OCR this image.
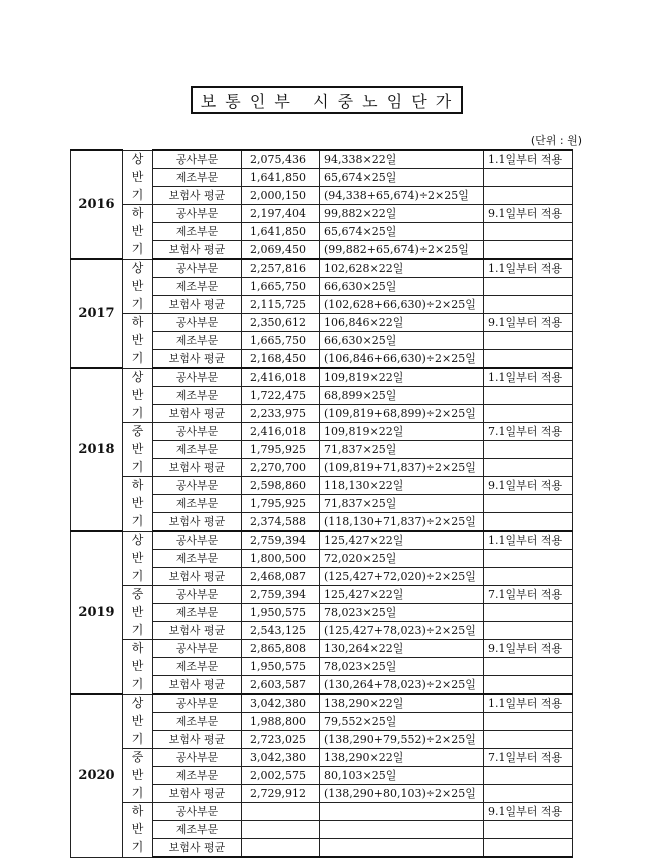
보 통 인 부   시 중 노 임 단 가
(단위 : 원)
2016	상	공사부문	2,075,436	94,338×22일	1.1일부터 적용
	반	제조부문	1,641,850	65,674×25일	
	기	보험사 평균	2,000,150	(94,338+65,674)÷2×25일	
	하	공사부문	2,197,404	99,882×22일	9.1일부터 적용
	반	제조부문	1,641,850	65,674×25일	
	기	보험사 평균	2,069,450	(99,882+65,674)÷2×25일	
2017	상	공사부문	2,257,816	102,628×22일	1.1일부터 적용
	반	제조부문	1,665,750	66,630×25일	
	기	보험사 평균	2,115,725	(102,628+66,630)÷2×25일	
	하	공사부문	2,350,612	106,846×22일	9.1일부터 적용
	반	제조부문	1,665,750	66,630×25일	
	기	보험사 평균	2,168,450	(106,846+66,630)÷2×25일	
2018	상	공사부문	2,416,018	109,819×22일	1.1일부터 적용
	반	제조부문	1,722,475	68,899×25일	
	기	보험사 평균	2,233,975	(109,819+68,899)÷2×25일	
	중	공사부문	2,416,018	109,819×22일	7.1일부터 적용
	반	제조부문	1,795,925	71,837×25일	
	기	보험사 평균	2,270,700	(109,819+71,837)÷2×25일	
	하	공사부문	2,598,860	118,130×22일	9.1일부터 적용
	반	제조부문	1,795,925	71,837×25일	
	기	보험사 평균	2,374,588	(118,130+71,837)÷2×25일	
2019	상	공사부문	2,759,394	125,427×22일	1.1일부터 적용
	반	제조부문	1,800,500	72,020×25일	
	기	보험사 평균	2,468,087	(125,427+72,020)÷2×25일	
	중	공사부문	2,759,394	125,427×22일	7.1일부터 적용
	반	제조부문	1,950,575	78,023×25일	
	기	보험사 평균	2,543,125	(125,427+78,023)÷2×25일	
	하	공사부문	2,865,808	130,264×22일	9.1일부터 적용
	반	제조부문	1,950,575	78,023×25일	
	기	보험사 평균	2,603,587	(130,264+78,023)÷2×25일	
2020	상	공사부문	3,042,380	138,290×22일	1.1일부터 적용
	반	제조부문	1,988,800	79,552×25일	
	기	보험사 평균	2,723,025	(138,290+79,552)÷2×25일	
	중	공사부문	3,042,380	138,290×22일	7.1일부터 적용
	반	제조부문	2,002,575	80,103×25일	
	기	보험사 평균	2,729,912	(138,290+80,103)÷2×25일	
	하	공사부문			9.1일부터 적용
	반	제조부문			
	기	보험사 평균			
